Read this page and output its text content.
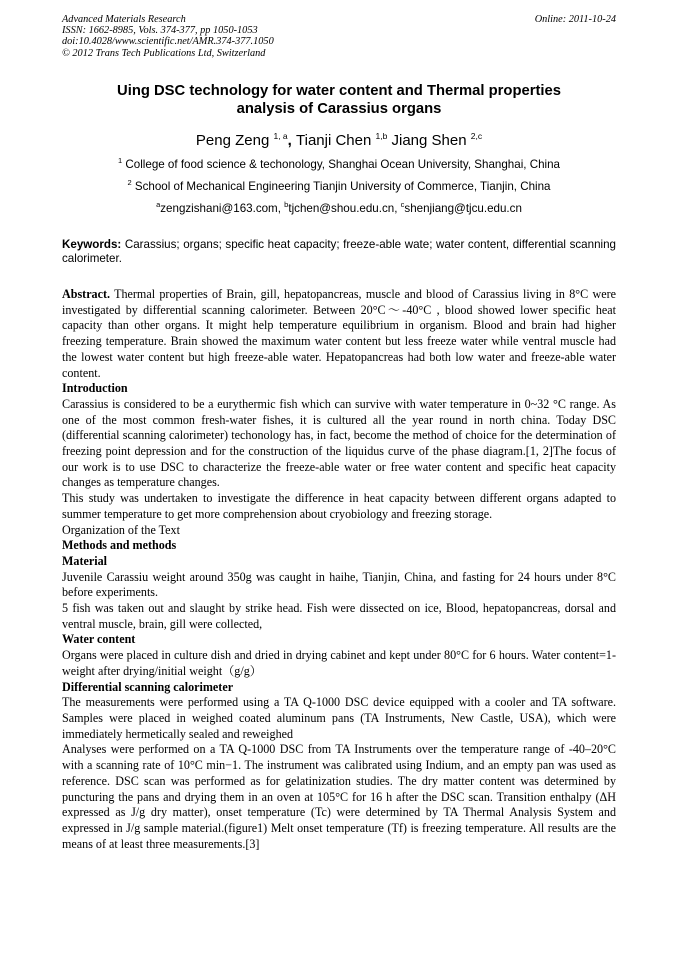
Advanced Materials Research
ISSN: 1662-8985, Vols. 374-377, pp 1050-1053
doi:10.4028/www.scientific.net/AMR.374-377.1050
© 2012 Trans Tech Publications Ltd, Switzerland
Online: 2011-10-24
Uing DSC technology for water content and Thermal properties
analysis of Carassius organs
Peng Zeng $^{1, a}$, Tianji Chen $^{1,b}$ Jiang Shen $^{2,c}$
$^1$ College of food science & techonology, Shanghai Ocean University, Shanghai, China
$^2$ School of Mechanical Engineering Tianjin University of Commerce, Tianjin, China
$^a$zengzishani@163.com, $^b$tjchen@shou.edu.cn, $^c$shenjiang@tjcu.edu.cn
Keywords: Carassius; organs; specific heat capacity; freeze-able wate; water content, differential scanning calorimeter.

Abstract. Thermal properties of Brain, gill, hepatopancreas, muscle and blood of Carassius living in 8°C were investigated by differential scanning calorimeter. Between 20°C～-40°C , blood showed lower specific heat capacity than other organs. It might help temperature equilibrium in organism. Blood and brain had higher freezing temperature. Brain showed the maximum water content but less freeze water while ventral muscle had the lowest water content but high freeze-able water. Hepatopancreas had both low water and freeze-able water content.

Introduction

Carassius is considered to be a eurythermic fish which can survive with water temperature in 0~32 °C range. As one of the most common fresh-water fishes, it is cultured all the year round in north china. Today DSC (differential scanning calorimeter) techonology has, in fact, become the method of choice for the determination of freezing point depression and for the construction of the liquidus curve of the phase diagram.[1, 2]The focus of our work is to use DSC to characterize the freeze-able water or free water content and specific heat capacity changes as temperature changes.

This study was undertaken to investigate the difference in heat capacity between different organs adapted to summer temperature to get more comprehension about cryobiology and freezing storage.

Organization of the Text

Methods and methods
Material

Juvenile Carassiu weight around 350g was caught in haihe, Tianjin, China, and fasting for 24 hours under 8°C before experiments.

5 fish was taken out and slaught by strike head. Fish were dissected on ice, Blood, hepatopancreas, dorsal and ventral muscle, brain, gill were collected,

Water content

Organs were placed in culture dish and dried in drying cabinet and kept under 80°C for 6 hours. Water content=1-weight after drying/initial weight（g/g）

Differential scanning calorimeter

The measurements were performed using a TA Q-1000 DSC device equipped with a cooler and TA software. Samples were placed in weighed coated aluminum pans (TA Instruments, New Castle, USA), which were immediately hermetically sealed and reweighed

Analyses were performed on a TA Q-1000 DSC from TA Instruments over the temperature range of -40–20°C with a scanning rate of 10°C min−1. The instrument was calibrated using Indium, and an empty pan was used as reference. DSC scan was performed as for gelatinization studies. The dry matter content was determined by puncturing the pans and drying them in an oven at 105°C for 16 h after the DSC scan. Transition enthalpy (ΔH expressed as J/g dry matter), onset temperature (Tc) were determined by TA Thermal Analysis System and expressed in J/g sample material.(figure1) Melt onset temperature (Tf) is freezing temperature. All results are the means of at least three measurements.[3]
